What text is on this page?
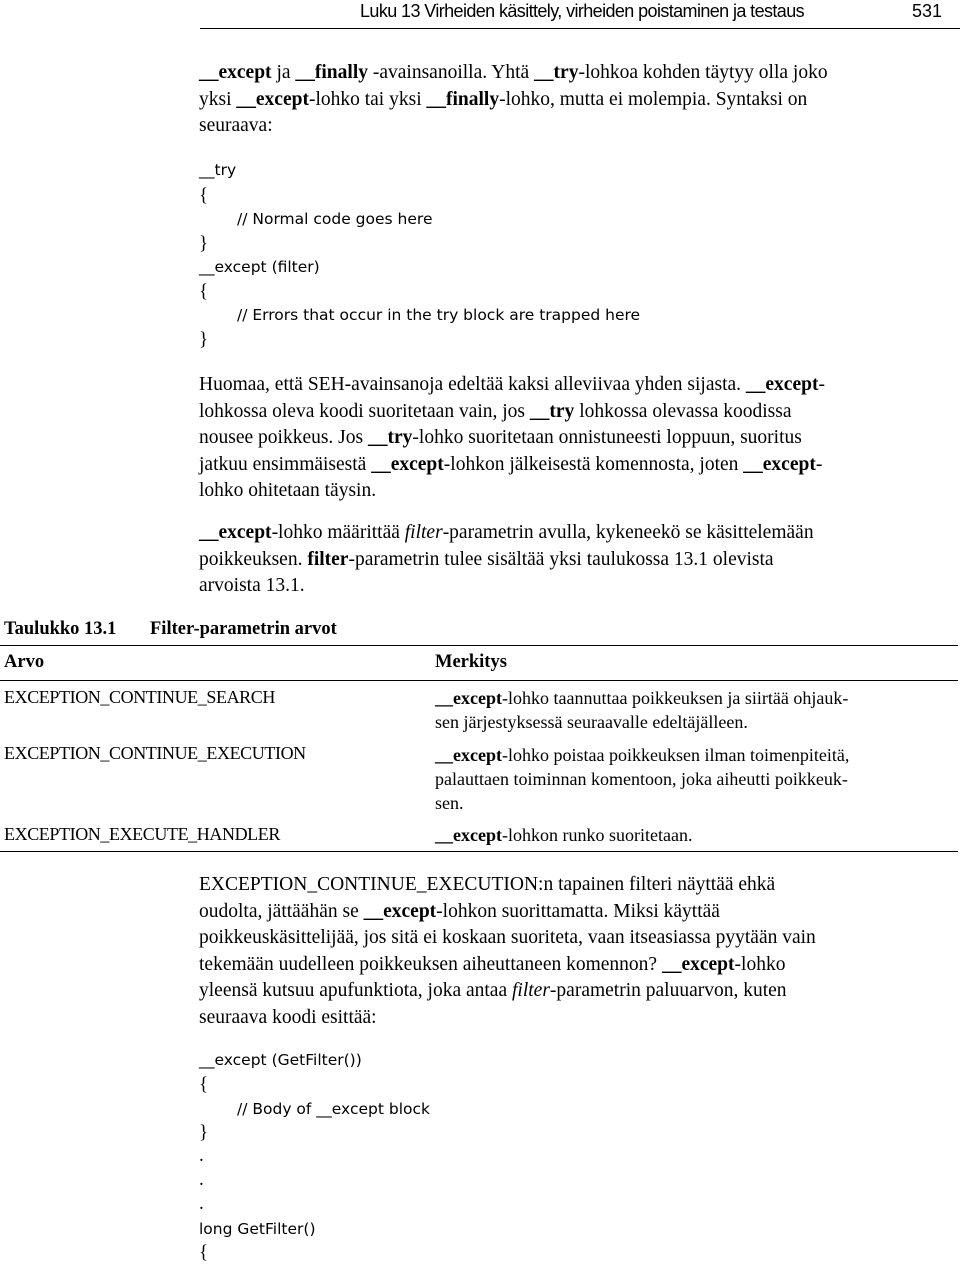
Luku 13 Virheiden käsittely, virheiden poistaminen ja testaus	531
__except ja __finally -avainsanoilla. Yhtä __try-lohkoa kohden täytyy olla joko
yksi __except-lohko tai yksi __finally-lohko, mutta ei molempia. Syntaksi on
seuraava:
__try
{
// Normal code goes here
}
__except (filter)
{
// Errors that occur in the try block are trapped here
}
Huomaa, että SEH-avainsanoja edeltää kaksi alleviivaa yhden sijasta. __except-
lohkossa oleva koodi suoritetaan vain, jos __try lohkossa olevassa koodissa
nousee poikkeus. Jos __try-lohko suoritetaan onnistuneesti loppuun, suoritus
jatkuu ensimmäisestä __except-lohkon jälkeisestä komennosta, joten __except-
lohko ohitetaan täysin.
__except-lohko määrittää filter-parametrin avulla, kykeneekö se käsittelemään
poikkeuksen. filter-parametrin tulee sisältää yksi taulukossa 13.1 olevista
arvoista 13.1.
Taulukko 13.1 Filter-parametrin arvot
Arvo	Merkitys
EXCEPTION_CONTINUE_SEARCH	__except-lohko taannuttaa poikkeuksen ja siirtää ohjauk-
sen järjestyksessä seuraavalle edeltäjälleen.
EXCEPTION_CONTINUE_EXECUTION	__except-lohko poistaa poikkeuksen ilman toimenpiteitä,
palauttaen toiminnan komentoon, joka aiheutti poikkeuk-
sen.
EXCEPTION_EXECUTE_HANDLER	__except-lohkon runko suoritetaan.
EXCEPTION_CONTINUE_EXECUTION:n tapainen filteri näyttää ehkä
oudolta, jättäähän se __except-lohkon suorittamatta. Miksi käyttää
poikkeuskäsittelijää, jos sitä ei koskaan suoriteta, vaan itseasiassa pyytään vain
tekemään uudelleen poikkeuksen aiheuttaneen komennon? __except-lohko
yleensä kutsuu apufunktiota, joka antaa filter-parametrin paluuarvon, kuten
seuraava koodi esittää:
__except (GetFilter())
{
// Body of __except block
}
.
.
.
long GetFilter()
{
